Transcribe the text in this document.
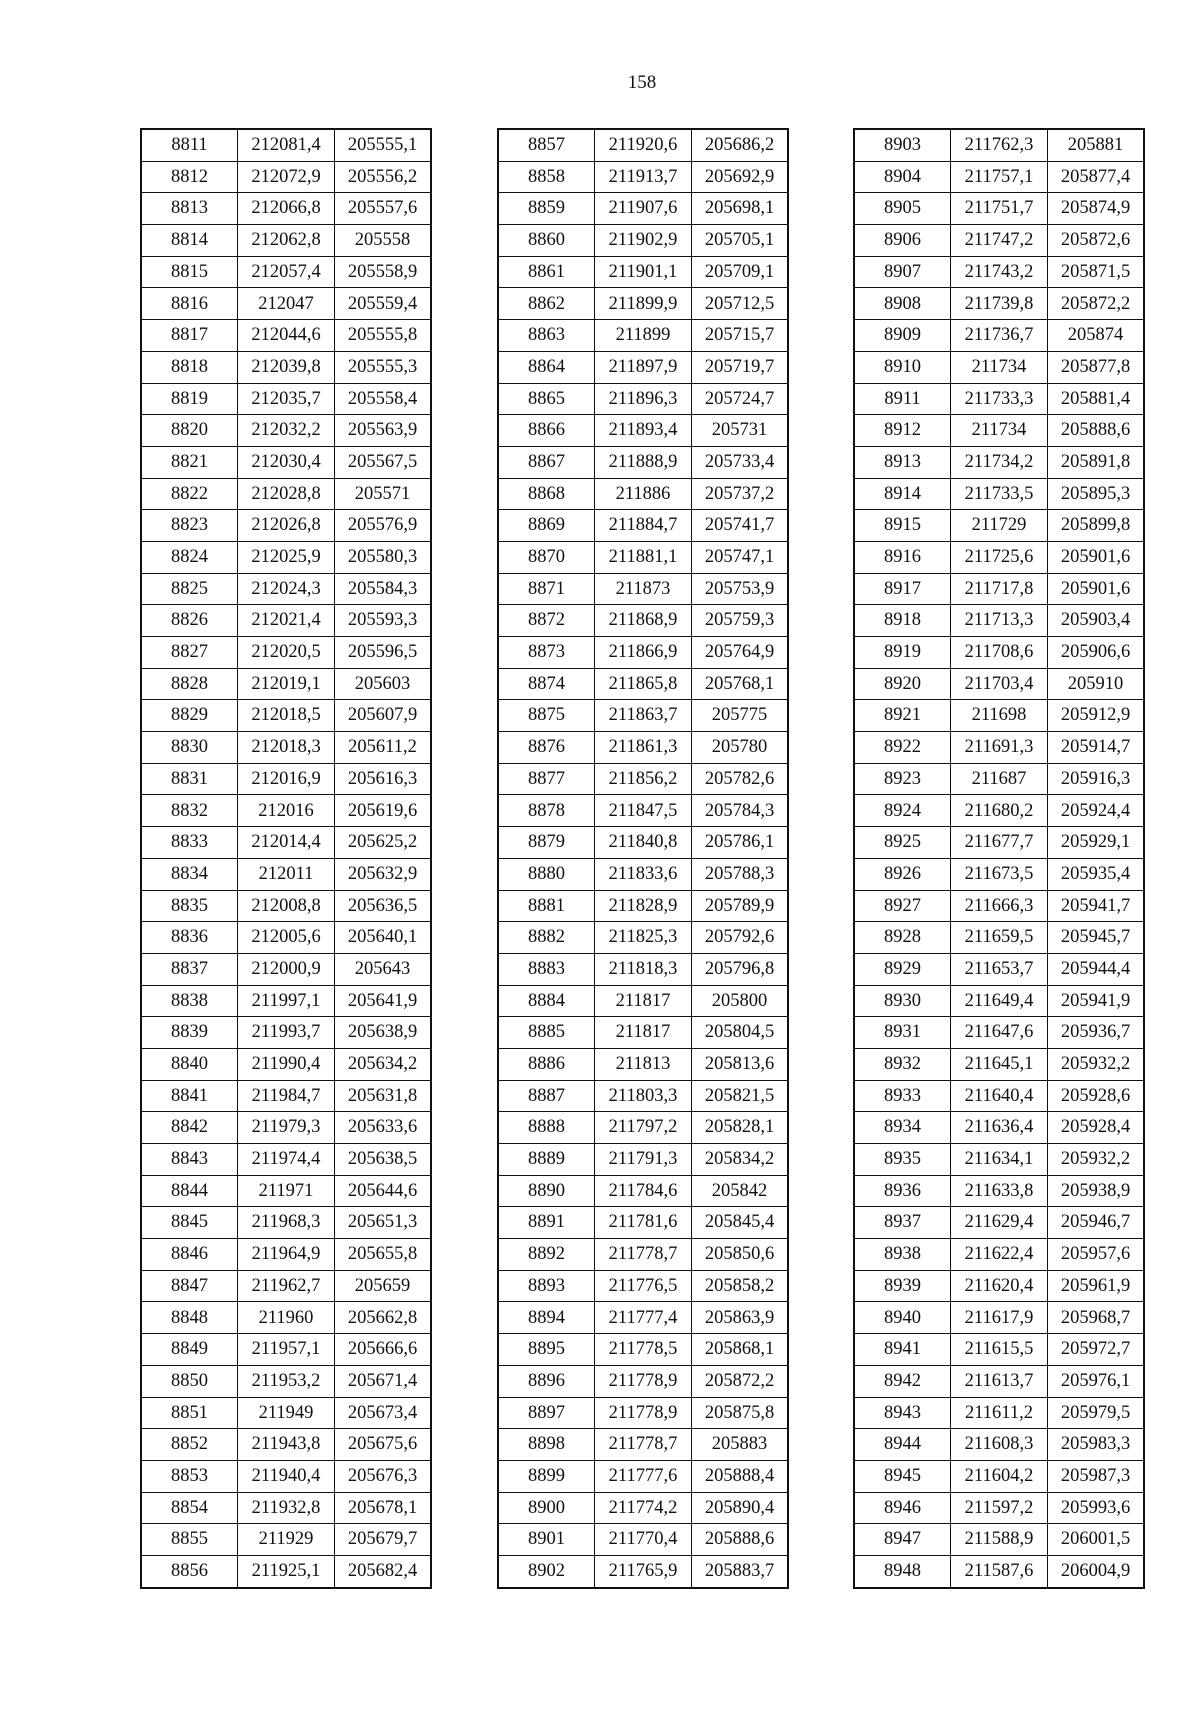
158
8811	212081,4	205555,1
8812	212072,9	205556,2
8813	212066,8	205557,6
8814	212062,8	205558
8815	212057,4	205558,9
8816	212047	205559,4
8817	212044,6	205555,8
8818	212039,8	205555,3
8819	212035,7	205558,4
8820	212032,2	205563,9
8821	212030,4	205567,5
8822	212028,8	205571
8823	212026,8	205576,9
8824	212025,9	205580,3
8825	212024,3	205584,3
8826	212021,4	205593,3
8827	212020,5	205596,5
8828	212019,1	205603
8829	212018,5	205607,9
8830	212018,3	205611,2
8831	212016,9	205616,3
8832	212016	205619,6
8833	212014,4	205625,2
8834	212011	205632,9
8835	212008,8	205636,5
8836	212005,6	205640,1
8837	212000,9	205643
8838	211997,1	205641,9
8839	211993,7	205638,9
8840	211990,4	205634,2
8841	211984,7	205631,8
8842	211979,3	205633,6
8843	211974,4	205638,5
8844	211971	205644,6
8845	211968,3	205651,3
8846	211964,9	205655,8
8847	211962,7	205659
8848	211960	205662,8
8849	211957,1	205666,6
8850	211953,2	205671,4
8851	211949	205673,4
8852	211943,8	205675,6
8853	211940,4	205676,3
8854	211932,8	205678,1
8855	211929	205679,7
8856	211925,1	205682,4
8857	211920,6	205686,2
8858	211913,7	205692,9
8859	211907,6	205698,1
8860	211902,9	205705,1
8861	211901,1	205709,1
8862	211899,9	205712,5
8863	211899	205715,7
8864	211897,9	205719,7
8865	211896,3	205724,7
8866	211893,4	205731
8867	211888,9	205733,4
8868	211886	205737,2
8869	211884,7	205741,7
8870	211881,1	205747,1
8871	211873	205753,9
8872	211868,9	205759,3
8873	211866,9	205764,9
8874	211865,8	205768,1
8875	211863,7	205775
8876	211861,3	205780
8877	211856,2	205782,6
8878	211847,5	205784,3
8879	211840,8	205786,1
8880	211833,6	205788,3
8881	211828,9	205789,9
8882	211825,3	205792,6
8883	211818,3	205796,8
8884	211817	205800
8885	211817	205804,5
8886	211813	205813,6
8887	211803,3	205821,5
8888	211797,2	205828,1
8889	211791,3	205834,2
8890	211784,6	205842
8891	211781,6	205845,4
8892	211778,7	205850,6
8893	211776,5	205858,2
8894	211777,4	205863,9
8895	211778,5	205868,1
8896	211778,9	205872,2
8897	211778,9	205875,8
8898	211778,7	205883
8899	211777,6	205888,4
8900	211774,2	205890,4
8901	211770,4	205888,6
8902	211765,9	205883,7
8903	211762,3	205881
8904	211757,1	205877,4
8905	211751,7	205874,9
8906	211747,2	205872,6
8907	211743,2	205871,5
8908	211739,8	205872,2
8909	211736,7	205874
8910	211734	205877,8
8911	211733,3	205881,4
8912	211734	205888,6
8913	211734,2	205891,8
8914	211733,5	205895,3
8915	211729	205899,8
8916	211725,6	205901,6
8917	211717,8	205901,6
8918	211713,3	205903,4
8919	211708,6	205906,6
8920	211703,4	205910
8921	211698	205912,9
8922	211691,3	205914,7
8923	211687	205916,3
8924	211680,2	205924,4
8925	211677,7	205929,1
8926	211673,5	205935,4
8927	211666,3	205941,7
8928	211659,5	205945,7
8929	211653,7	205944,4
8930	211649,4	205941,9
8931	211647,6	205936,7
8932	211645,1	205932,2
8933	211640,4	205928,6
8934	211636,4	205928,4
8935	211634,1	205932,2
8936	211633,8	205938,9
8937	211629,4	205946,7
8938	211622,4	205957,6
8939	211620,4	205961,9
8940	211617,9	205968,7
8941	211615,5	205972,7
8942	211613,7	205976,1
8943	211611,2	205979,5
8944	211608,3	205983,3
8945	211604,2	205987,3
8946	211597,2	205993,6
8947	211588,9	206001,5
8948	211587,6	206004,9
